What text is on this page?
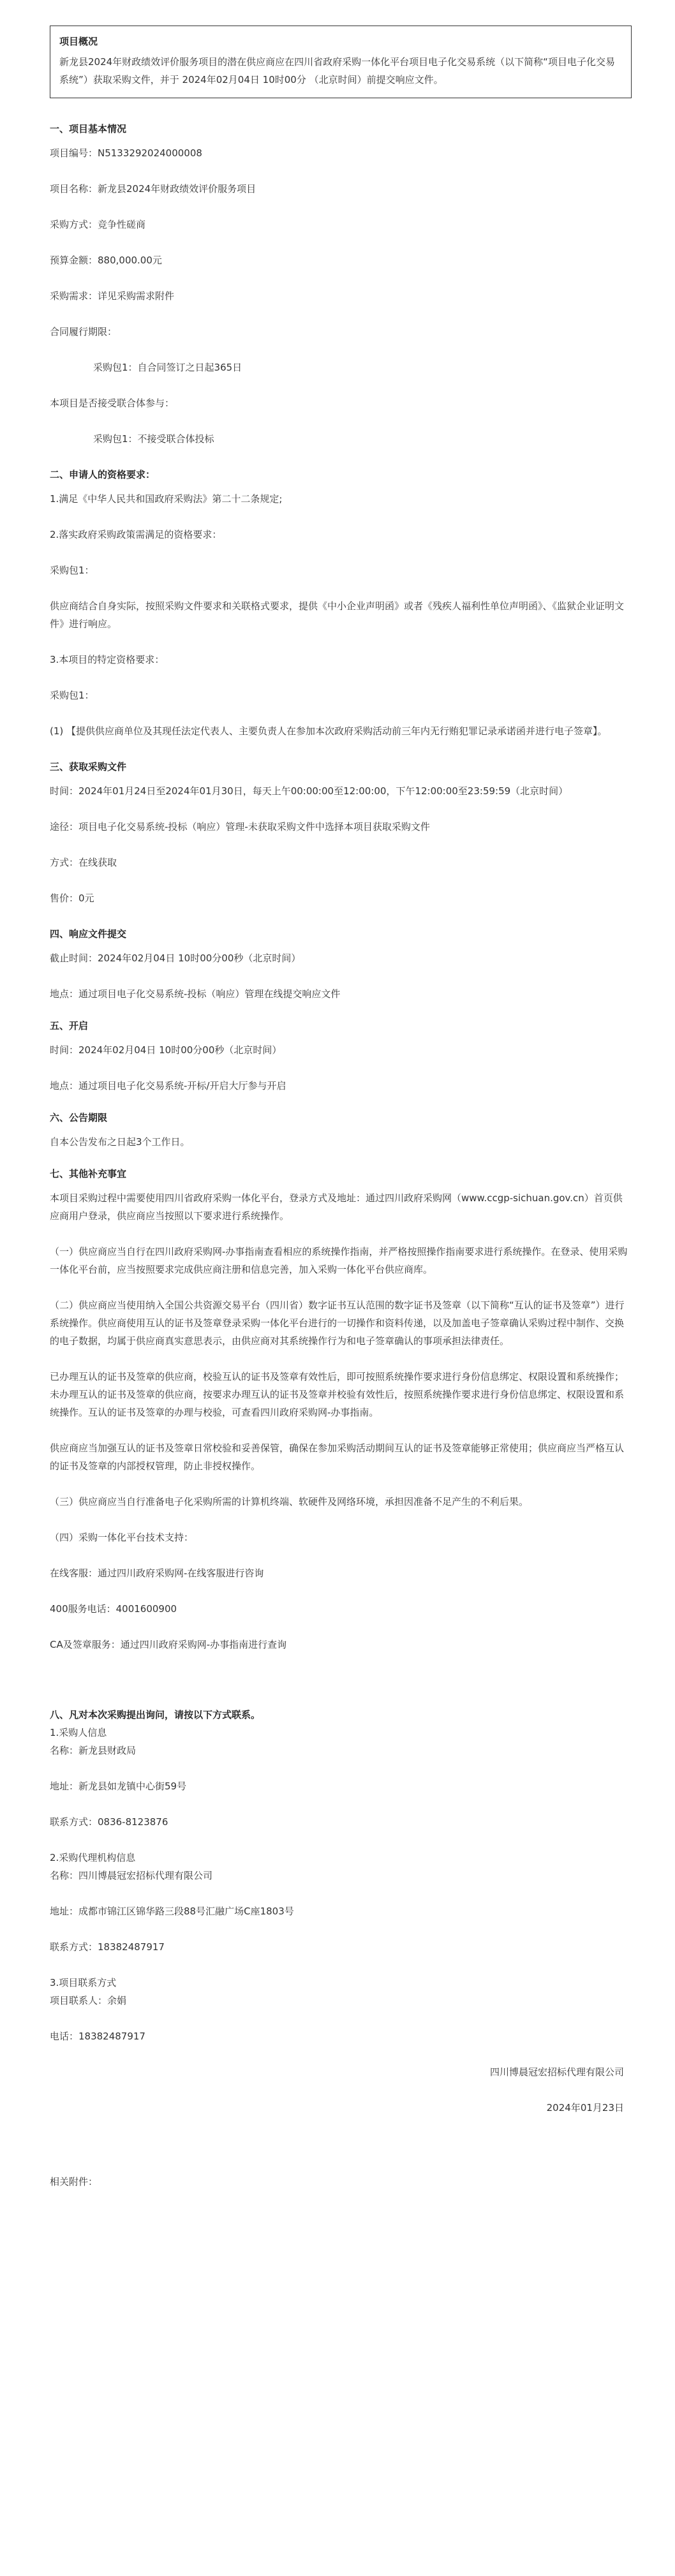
项目概况
新龙县2024年财政绩效评价服务项目的潜在供应商应在四川省政府采购一体化平台项目电子化交易系统（以下简称“项目电子化交易系统”）获取采购文件，并于 2024年02月04日 10时00分 （北京时间）前提交响应文件。
一、项目基本情况
项目编号：N5133292024000008
项目名称：新龙县2024年财政绩效评价服务项目
采购方式：竞争性磋商
预算金额：880,000.00元
采购需求：详见采购需求附件
合同履行期限：
采购包1：自合同签订之日起365日
本项目是否接受联合体参与：
采购包1：不接受联合体投标
二、申请人的资格要求：
1.满足《中华人民共和国政府采购法》第二十二条规定;
2.落实政府采购政策需满足的资格要求：
采购包1：
供应商结合自身实际，按照采购文件要求和关联格式要求，提供《中小企业声明函》或者《残疾人福利性单位声明函》、《监狱企业证明文件》进行响应。
3.本项目的特定资格要求：
采购包1：
(1) 【提供供应商单位及其现任法定代表人、主要负责人在参加本次政府采购活动前三年内无行贿犯罪记录承诺函并进行电子签章】。
三、获取采购文件
时间：2024年01月24日至2024年01月30日，每天上午00:00:00至12:00:00，下午12:00:00至23:59:59（北京时间）
途径：项目电子化交易系统-投标（响应）管理-未获取采购文件中选择本项目获取采购文件
方式：在线获取
售价：0元
四、响应文件提交
截止时间：2024年02月04日 10时00分00秒（北京时间）
地点：通过项目电子化交易系统-投标（响应）管理在线提交响应文件
五、开启
时间：2024年02月04日 10时00分00秒（北京时间）
地点：通过项目电子化交易系统-开标/开启大厅参与开启
六、公告期限
自本公告发布之日起3个工作日。
七、其他补充事宜
本项目采购过程中需要使用四川省政府采购一体化平台，登录方式及地址：通过四川政府采购网（www.ccgp-sichuan.gov.cn）首页供应商用户登录，供应商应当按照以下要求进行系统操作。
（一）供应商应当自行在四川政府采购网-办事指南查看相应的系统操作指南，并严格按照操作指南要求进行系统操作。在登录、使用采购一体化平台前，应当按照要求完成供应商注册和信息完善，加入采购一体化平台供应商库。
（二）供应商应当使用纳入全国公共资源交易平台（四川省）数字证书互认范围的数字证书及签章（以下简称“互认的证书及签章”）进行系统操作。供应商使用互认的证书及签章登录采购一体化平台进行的一切操作和资料传递，以及加盖电子签章确认采购过程中制作、交换的电子数据，均属于供应商真实意思表示，由供应商对其系统操作行为和电子签章确认的事项承担法律责任。
已办理互认的证书及签章的供应商，校验互认的证书及签章有效性后，即可按照系统操作要求进行身份信息绑定、权限设置和系统操作；未办理互认的证书及签章的供应商，按要求办理互认的证书及签章并校验有效性后，按照系统操作要求进行身份信息绑定、权限设置和系统操作。互认的证书及签章的办理与校验，可查看四川政府采购网-办事指南。
供应商应当加强互认的证书及签章日常校验和妥善保管，确保在参加采购活动期间互认的证书及签章能够正常使用；供应商应当严格互认的证书及签章的内部授权管理，防止非授权操作。
（三）供应商应当自行准备电子化采购所需的计算机终端、软硬件及网络环境，承担因准备不足产生的不利后果。
（四）采购一体化平台技术支持：
在线客服：通过四川政府采购网-在线客服进行咨询
400服务电话：4001600900
CA及签章服务：通过四川政府采购网-办事指南进行查询
八、凡对本次采购提出询问，请按以下方式联系。
1.采购人信息
名称：新龙县财政局
地址：新龙县如龙镇中心街59号
联系方式：0836-8123876
2.采购代理机构信息
名称：四川博晨冠宏招标代理有限公司
地址：成都市锦江区锦华路三段88号汇融广场C座1803号
联系方式：18382487917
3.项目联系方式
项目联系人：余娟
电话：18382487917
四川博晨冠宏招标代理有限公司
2024年01月23日
相关附件：
